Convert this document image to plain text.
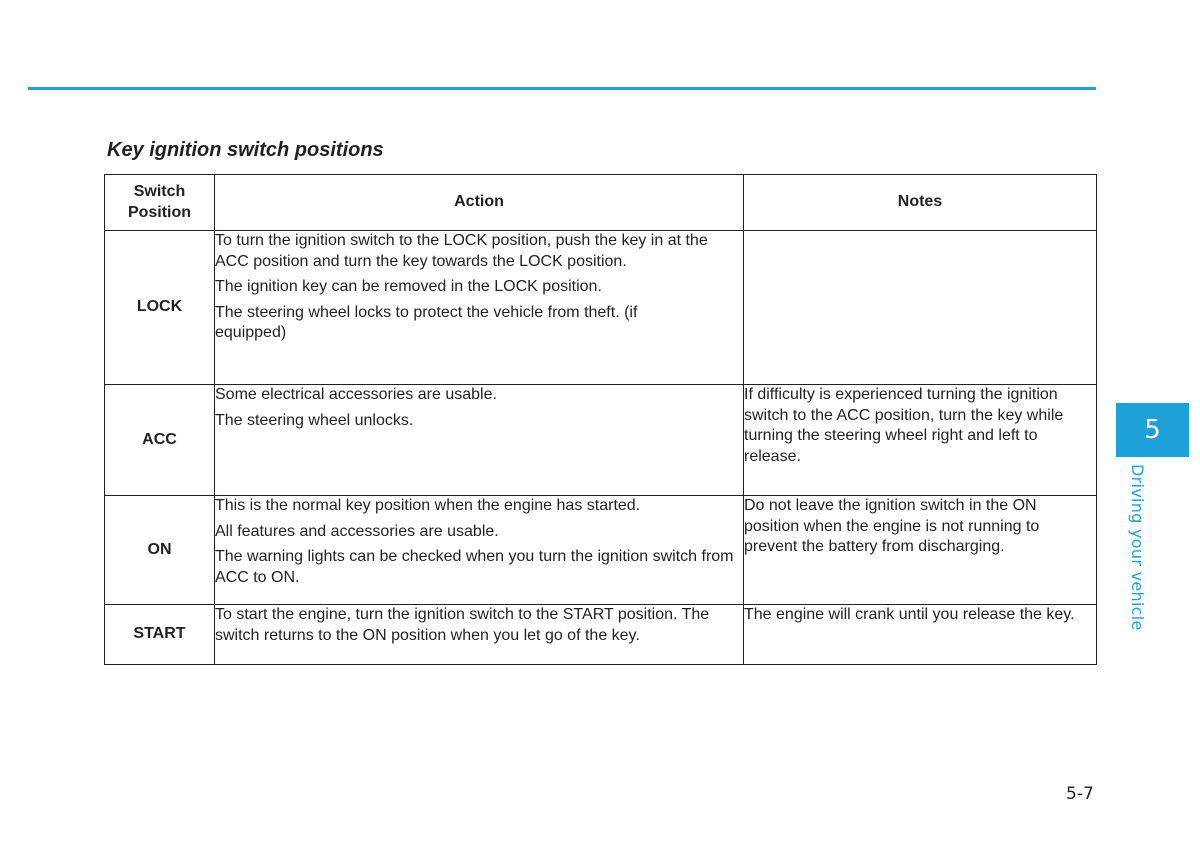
Key ignition switch positions
Switch Position	Action	Notes
LOCK	To turn the ignition switch to the LOCK position, push the key in at the ACC position and turn the key towards the LOCK position.

The ignition key can be removed in the LOCK position.

The steering wheel locks to protect the vehicle from theft. (if equipped)	

ACC	Some electrical accessories are usable.

The steering wheel unlocks.	If difficulty is experienced turning the ignition switch to the ACC position, turn the key while turning the steering wheel right and left to release.
ON	This is the normal key position when the engine has started.

All features and accessories are usable.

The warning lights can be checked when you turn the ignition switch from ACC to ON.	Do not leave the ignition switch in the ON position when the engine is not running to prevent the battery from discharging.
START	To start the engine, turn the ignition switch to the START position. The switch returns to the ON position when you let go of the key.	The engine will crank until you release the key.
5
Driving your vehicle
5-7
